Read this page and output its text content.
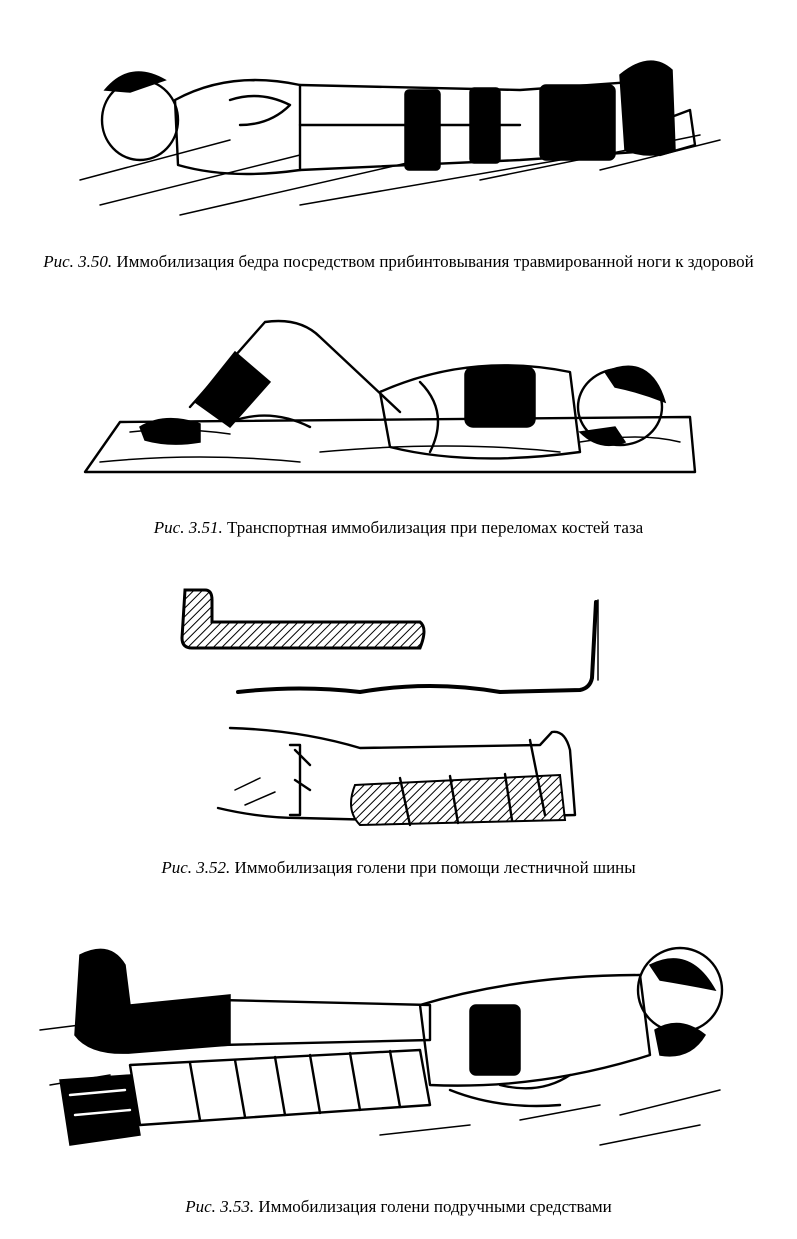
Рис. 3.50. Иммобилизация бедра посредством прибинтовывания травмированной ноги к здоровой
Рис. 3.51. Транспортная иммобилизация при переломах костей таза
Рис. 3.52. Иммобилизация голени при помощи лестничной шины
Рис. 3.53. Иммобилизация голени подручными средствами
